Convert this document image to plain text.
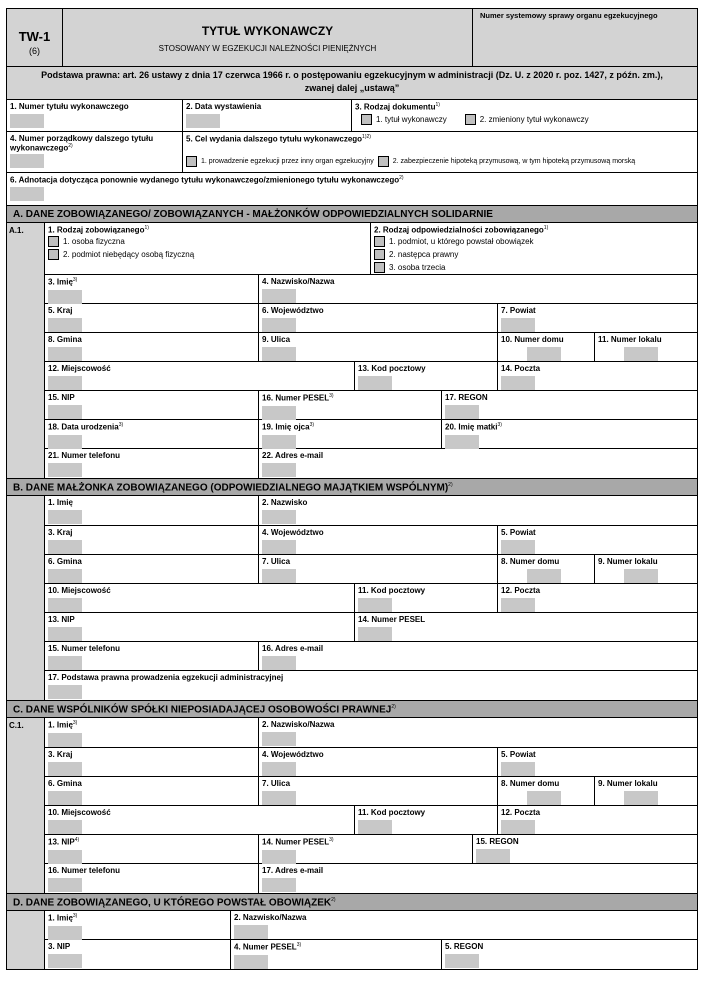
TW-1
(6)
TYTUŁ WYKONAWCZY
STOSOWANY W EGZEKUCJI NALEŻNOŚCI PIENIĘŻNYCH
Numer systemowy sprawy organu egzekucyjnego
Podstawa prawna: art. 26 ustawy z dnia 17 czerwca 1966 r. o postępowaniu egzekucyjnym w administracji (Dz. U. z 2020 r. poz. 1427, z późn. zm.),
zwanej dalej „ustawą”
1. Numer tytułu wykonawczego	2. Data wystawienia	3. Rodzaj dokumentu$^{1)}$
1. tytuł wykonawczy	2. zmieniony tytuł wykonawczy
4. Numer porządkowy dalszego tytułu wykonawczego$^{2)}$
5. Cel wydania dalszego tytułu wykonawczego$^{1)2)}$
1. prowadzenie egzekucji przez inny organ egzekucyjny	2. zabezpieczenie hipoteką przymusową, w tym hipoteką przymusową morską
6. Adnotacja dotycząca ponownie wydanego tytułu wykonawczego/zmienionego tytułu wykonawczego$^{2)}$
A. DANE ZOBOWIĄZANEGO/ ZOBOWIĄZANYCH - MAŁŻONKÓW ODPOWIEDZIALNYCH SOLIDARNIE
A.1.	1. Rodzaj zobowiązanego$^{1)}$
1. osoba fizyczna
2. podmiot niebędący osobą fizyczną
2. Rodzaj odpowiedzialności zobowiązanego$^{1)}$
1. podmiot, u którego powstał obowiązek
2. następca prawny
3. osoba trzecia
3. Imię$^{3)}$	4. Nazwisko/Nazwa
5. Kraj	6. Województwo	7. Powiat
8. Gmina	9. Ulica	10. Numer domu	11. Numer lokalu
12. Miejscowość	13. Kod pocztowy	14. Poczta
15. NIP	16. Numer PESEL$^{3)}$	17. REGON
18. Data urodzenia$^{3)}$	19. Imię ojca$^{3)}$	20. Imię matki$^{3)}$
21. Numer telefonu	22. Adres e-mail
B. DANE MAŁŻONKA ZOBOWIĄZANEGO (ODPOWIEDZIALNEGO MAJĄTKIEM WSPÓLNYM)$^{2)}$
1. Imię	2. Nazwisko
3. Kraj	4. Województwo	5. Powiat
6. Gmina	7. Ulica	8. Numer domu	9. Numer lokalu
10. Miejscowość	11. Kod pocztowy	12. Poczta
13. NIP	14. Numer PESEL
15. Numer telefonu	16. Adres e-mail
17. Podstawa prawna prowadzenia egzekucji administracyjnej
C. DANE WSPÓLNIKÓW SPÓŁKI NIEPOSIADAJĄCEJ OSOBOWOŚCI PRAWNEJ$^{2)}$
C.1.	1. Imię$^{3)}$	2. Nazwisko/Nazwa
3. Kraj	4. Województwo	5. Powiat
6. Gmina	7. Ulica	8. Numer domu	9. Numer lokalu
10. Miejscowość	11. Kod pocztowy	12. Poczta
13. NIP$^{4)}$	14. Numer PESEL$^{3)}$	15. REGON
16. Numer telefonu	17. Adres e-mail
D. DANE ZOBOWIĄZANEGO, U KTÓREGO POWSTAŁ OBOWIĄZEK$^{2)}$
1. Imię$^{3)}$	2. Nazwisko/Nazwa
3. NIP	4. Numer PESEL$^{3)}$	5. REGON
